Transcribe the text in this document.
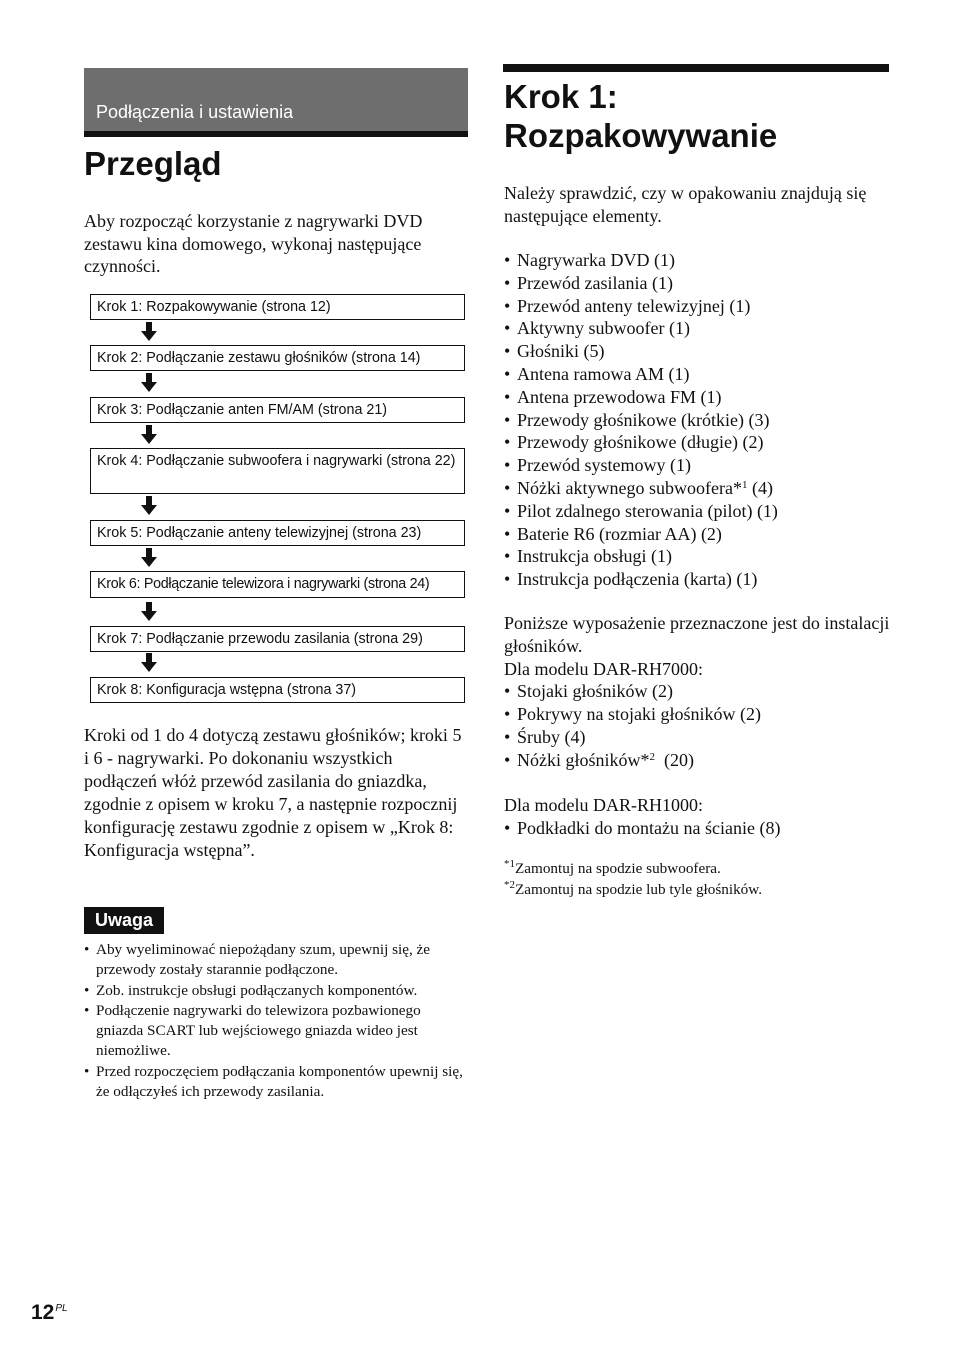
Podłączenia i ustawienia
Przegląd
Aby rozpocząć korzystanie z nagrywarki DVD zestawu kina domowego, wykonaj następujące czynności.
Krok 1: Rozpakowywanie (strona 12)
Krok 2: Podłączanie zestawu głośników (strona 14)
Krok 3: Podłączanie anten FM/AM (strona 21)
Krok 4: Podłączanie subwoofera i nagrywarki (strona 22)
Krok 5: Podłączanie anteny telewizyjnej (strona 23)
Krok 6: Podłączanie telewizora i nagrywarki (strona 24)
Krok 7: Podłączanie przewodu zasilania (strona 29)
Krok 8: Konfiguracja wstępna (strona 37)
Kroki od 1 do 4 dotyczą zestawu głośników; kroki 5 i 6 - nagrywarki. Po dokonaniu wszystkich podłączeń włóż przewód zasilania do gniazdka, zgodnie z opisem w kroku 7, a następnie rozpocznij konfigurację zestawu zgodnie z opisem w „Krok 8: Konfiguracja wstępna”.
Uwaga
• Aby wyeliminować niepożądany szum, upewnij się, że przewody zostały starannie podłączone.
• Zob. instrukcje obsługi podłączanych komponentów.
• Podłączenie nagrywarki do telewizora pozbawionego gniazda SCART lub wejściowego gniazda wideo jest niemożliwe.
• Przed rozpoczęciem podłączania komponentów upewnij się, że odłączyłeś ich przewody zasilania.
Krok 1:
Rozpakowywanie

Należy sprawdzić, czy w opakowaniu znajdują się następujące elementy.

• Nagrywarka DVD (1)
• Przewód zasilania (1)
• Przewód anteny telewizyjnej (1)
• Aktywny subwoofer (1)
• Głośniki (5)
• Antena ramowa AM (1)
• Antena przewodowa FM (1)
• Przewody głośnikowe (krótkie) (3)
• Przewody głośnikowe (długie) (2)
• Przewód systemowy (1)
• Nóżki aktywnego subwoofera*$^1$ (4)
• Pilot zdalnego sterowania (pilot) (1)
• Baterie R6 (rozmiar AA) (2)
• Instrukcja obsługi (1)
• Instrukcja podłączenia (karta) (1)

Poniższe wyposażenie przeznaczone jest do instalacji głośników.

Dla modelu DAR-RH7000:

• Stojaki głośników (2)
• Pokrywy na stojaki głośników (2)
• Śruby (4)
• Nóżki głośników*$^2$  (20)

Dla modelu DAR-RH1000:

• Podkładki do montażu na ścianie (8)
$^{*1}$Zamontuj na spodzie subwoofera.
$^{*2}$Zamontuj na spodzie lub tyle głośników.
$12^{PL}$
